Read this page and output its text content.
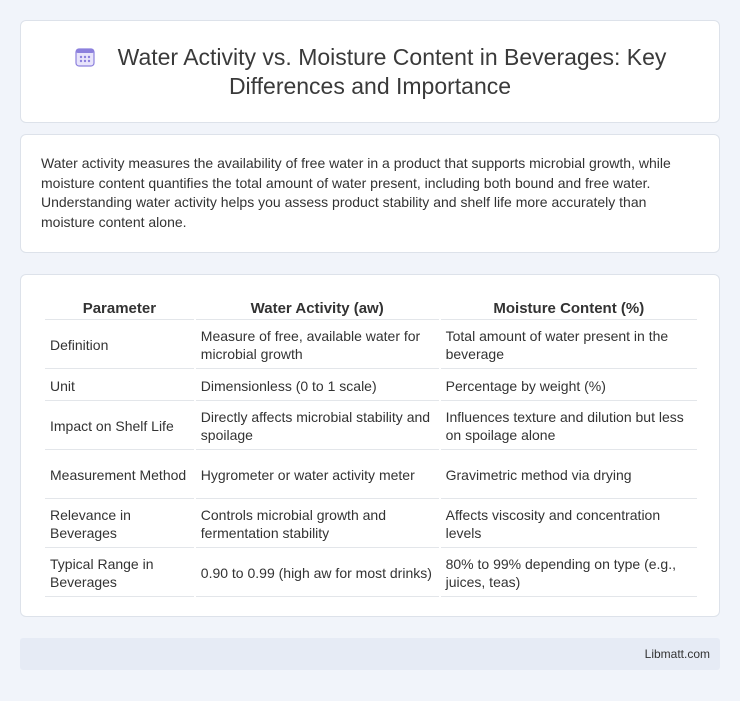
Water Activity vs. Moisture Content in Beverages: Key Differences and Importance

Water activity measures the availability of free water in a product that supports microbial growth, while moisture content quantifies the total amount of water present, including both bound and free water. Understanding water activity helps you assess product stability and shelf life more accurately than moisture content alone.

Parameter	Water Activity (aw)	Moisture Content (%)
Definition	Measure of free, available water for microbial growth	Total amount of water present in the beverage
Unit	Dimensionless (0 to 1 scale)	Percentage by weight (%)
Impact on Shelf Life	Directly affects microbial stability and spoilage	Influences texture and dilution but less on spoilage alone
Measurement Method	Hygrometer or water activity meter	Gravimetric method via drying
Relevance in Beverages	Controls microbial growth and fermentation stability	Affects viscosity and concentration levels
Typical Range in Beverages	0.90 to 0.99 (high aw for most drinks)	80% to 99% depending on type (e.g., juices, teas)
Libmatt.com
